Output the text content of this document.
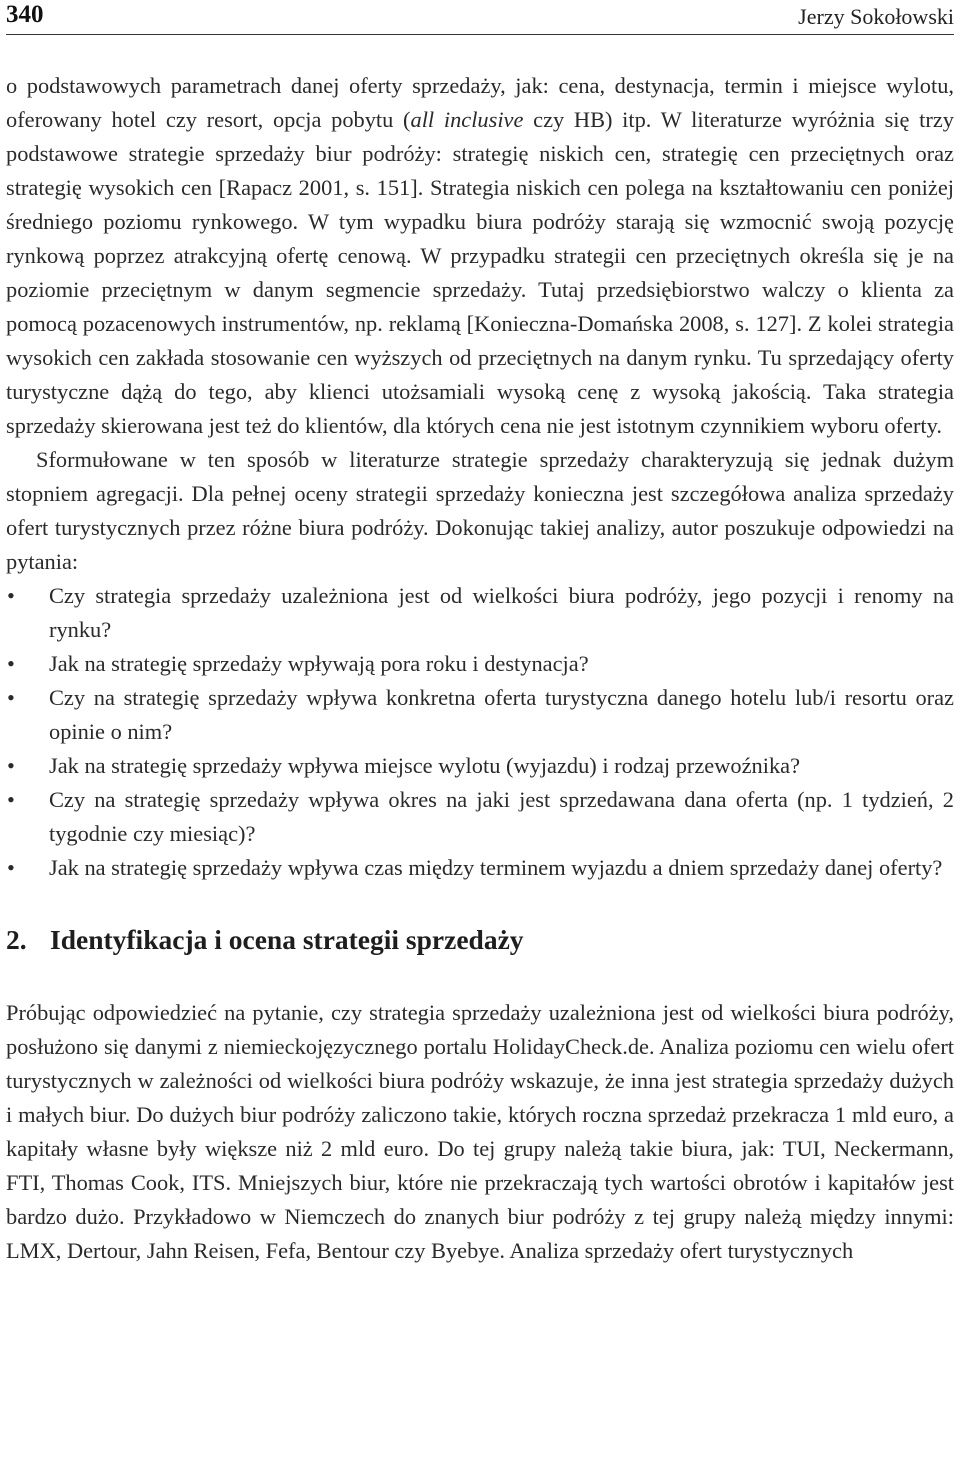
340	Jerzy Sokołowski

o podstawowych parametrach danej oferty sprzedaży, jak: cena, destynacja, termin i miejsce wylotu, oferowany hotel czy resort, opcja pobytu (all inclusive czy HB) itp. W literaturze wyróżnia się trzy podstawowe strategie sprzedaży biur podróży: strategię niskich cen, strategię cen przeciętnych oraz strategię wysokich cen [Rapacz 2001, s. 151]. Strategia niskich cen polega na kształtowaniu cen poniżej średniego poziomu rynkowego. W tym wypadku biura podróży starają się wzmocnić swoją pozycję rynkową poprzez atrakcyjną ofertę cenową. W przypadku strategii cen przeciętnych określa się je na poziomie przeciętnym w danym segmencie sprzedaży. Tutaj przedsiębiorstwo walczy o klienta za pomocą pozacenowych instrumentów, np. reklamą [Konieczna-Domańska 2008, s. 127]. Z kolei strategia wysokich cen zakłada stosowanie cen wyższych od przeciętnych na danym rynku. Tu sprzedający oferty turystyczne dążą do tego, aby klienci utożsamiali wysoką cenę z wysoką jakością. Taka strategia sprzedaży skierowana jest też do klientów, dla których cena nie jest istotnym czynnikiem wyboru oferty.

Sformułowane w ten sposób w literaturze strategie sprzedaży charakteryzują się jednak dużym stopniem agregacji. Dla pełnej oceny strategii sprzedaży konieczna jest szczegółowa analiza sprzedaży ofert turystycznych przez różne biura podróży. Dokonując takiej analizy, autor poszukuje odpowiedzi na pytania:

• Czy strategia sprzedaży uzależniona jest od wielkości biura podróży, jego pozycji i renomy na rynku?
• Jak na strategię sprzedaży wpływają pora roku i destynacja?
• Czy na strategię sprzedaży wpływa konkretna oferta turystyczna danego hotelu lub/i resortu oraz opinie o nim?
• Jak na strategię sprzedaży wpływa miejsce wylotu (wyjazdu) i rodzaj przewoźnika?
• Czy na strategię sprzedaży wpływa okres na jaki jest sprzedawana dana oferta (np. 1 tydzień, 2 tygodnie czy miesiąc)?
• Jak na strategię sprzedaży wpływa czas między terminem wyjazdu a dniem sprzedaży danej oferty?
2. Identyfikacja i ocena strategii sprzedaży

Próbując odpowiedzieć na pytanie, czy strategia sprzedaży uzależniona jest od wielkości biura podróży, posłużono się danymi z niemieckojęzycznego portalu HolidayCheck.de. Analiza poziomu cen wielu ofert turystycznych w zależności od wielkości biura podróży wskazuje, że inna jest strategia sprzedaży dużych i małych biur. Do dużych biur podróży zaliczono takie, których roczna sprzedaż przekracza 1 mld euro, a kapitały własne były większe niż 2 mld euro. Do tej grupy należą takie biura, jak: TUI, Neckermann, FTI, Thomas Cook, ITS. Mniejszych biur, które nie przekraczają tych wartości obrotów i kapitałów jest bardzo dużo. Przykładowo w Niemczech do znanych biur podróży z tej grupy należą między innymi: LMX, Dertour, Jahn Reisen, Fefa, Bentour czy Byebye. Analiza sprzedaży ofert turystycznych
